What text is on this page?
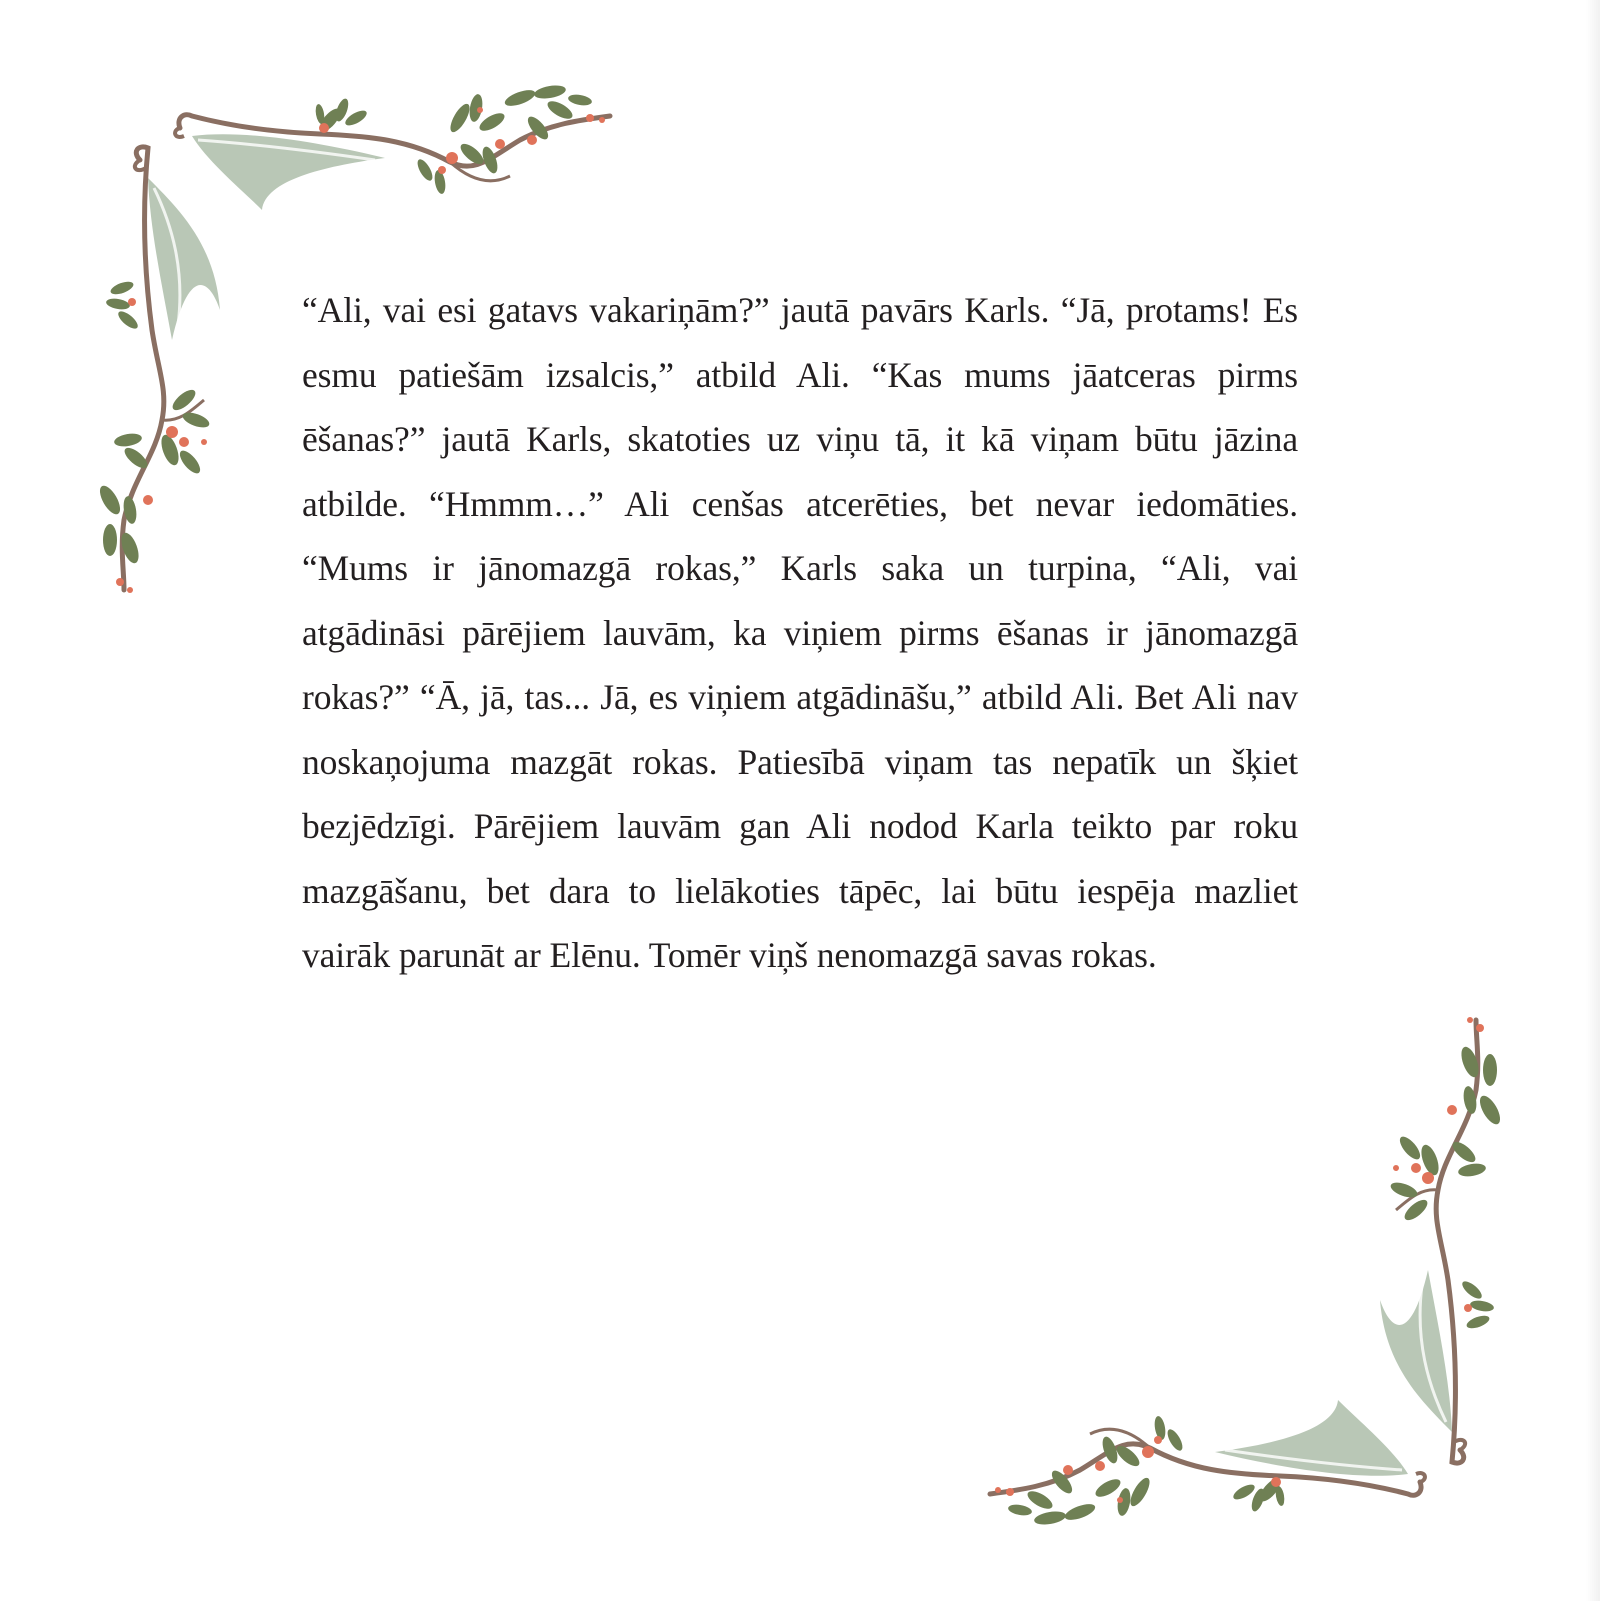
“Ali, vai esi gatavs vakariņām?” jautā pavārs Karls. “Jā, protams! Es esmu patiešām izsalcis,” atbild Ali. “Kas mums jāatceras pirms ēšanas?” jautā Karls, skatoties uz viņu tā, it kā viņam būtu jāzina atbilde. “Hmmm…” Ali cenšas atcerēties, bet nevar iedomāties. “Mums ir jānomazgā rokas,” Karls saka un turpina, “Ali, vai atgādināsi pārējiem lauvām, ka viņiem pirms ēšanas ir jānomazgā rokas?” “Ā, jā, tas... Jā, es viņiem atgādināšu,” atbild Ali. Bet Ali nav noskaņojuma mazgāt rokas. Patiesībā viņam tas nepatīk un šķiet bezjēdzīgi. Pārējiem lauvām gan Ali nodod Karla teikto par roku mazgāšanu, bet dara to lielākoties tāpēc, lai būtu iespēja mazliet vairāk parunāt ar Elēnu. Tomēr viņš nenomazgā savas rokas.
